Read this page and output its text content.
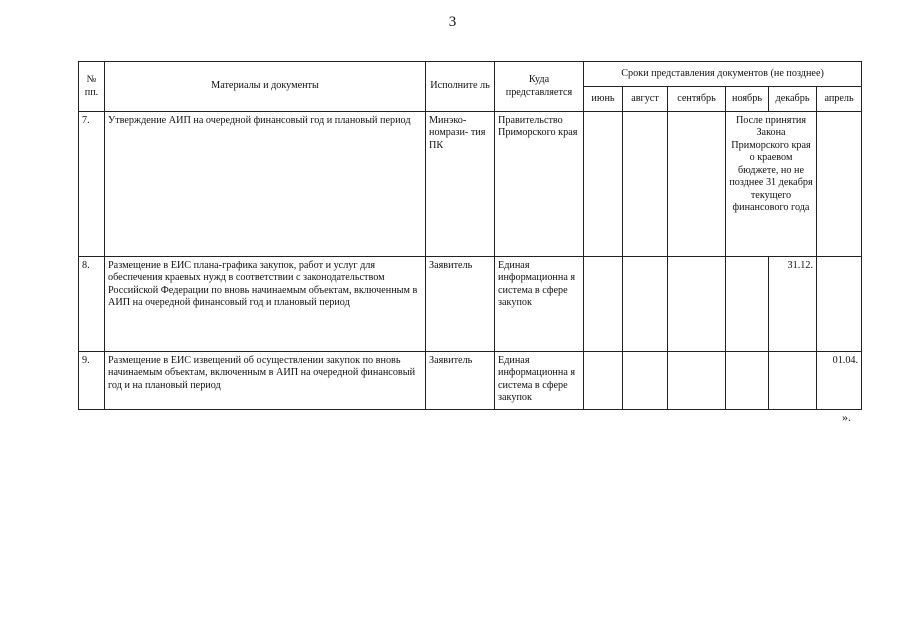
3
№ пп.	Материалы и документы	Исполните ль	Куда представляется	Сроки представления документов (не позднее)					
				июнь	август	сентябрь	ноябрь	декабрь	апрель
7.	Утверждение АИП на очередной финансовый год и плановый период	Минэко- номрази- тия ПК	Правительство Приморского края				После принятия Закона Приморского края о краевом бюджете, но не позднее 31 декабря текущего финансового года		
8.	Размещение в ЕИС плана-графика закупок, работ и услуг для обеспечения краевых нужд в соответствии с законодательством Российской Федерации по вновь начинаемым объектам, включенным в АИП на очередной финансовый год и плановый период	Заявитель	Единая информационна я система в сфере закупок					31.12.	
9.	Размещение в ЕИС извещений об осуществлении закупок по вновь начинаемым объектам, включенным в АИП на очередной финансовый год и на плановый период	Заявитель	Единая информационна я система в сфере закупок						01.04.
».
